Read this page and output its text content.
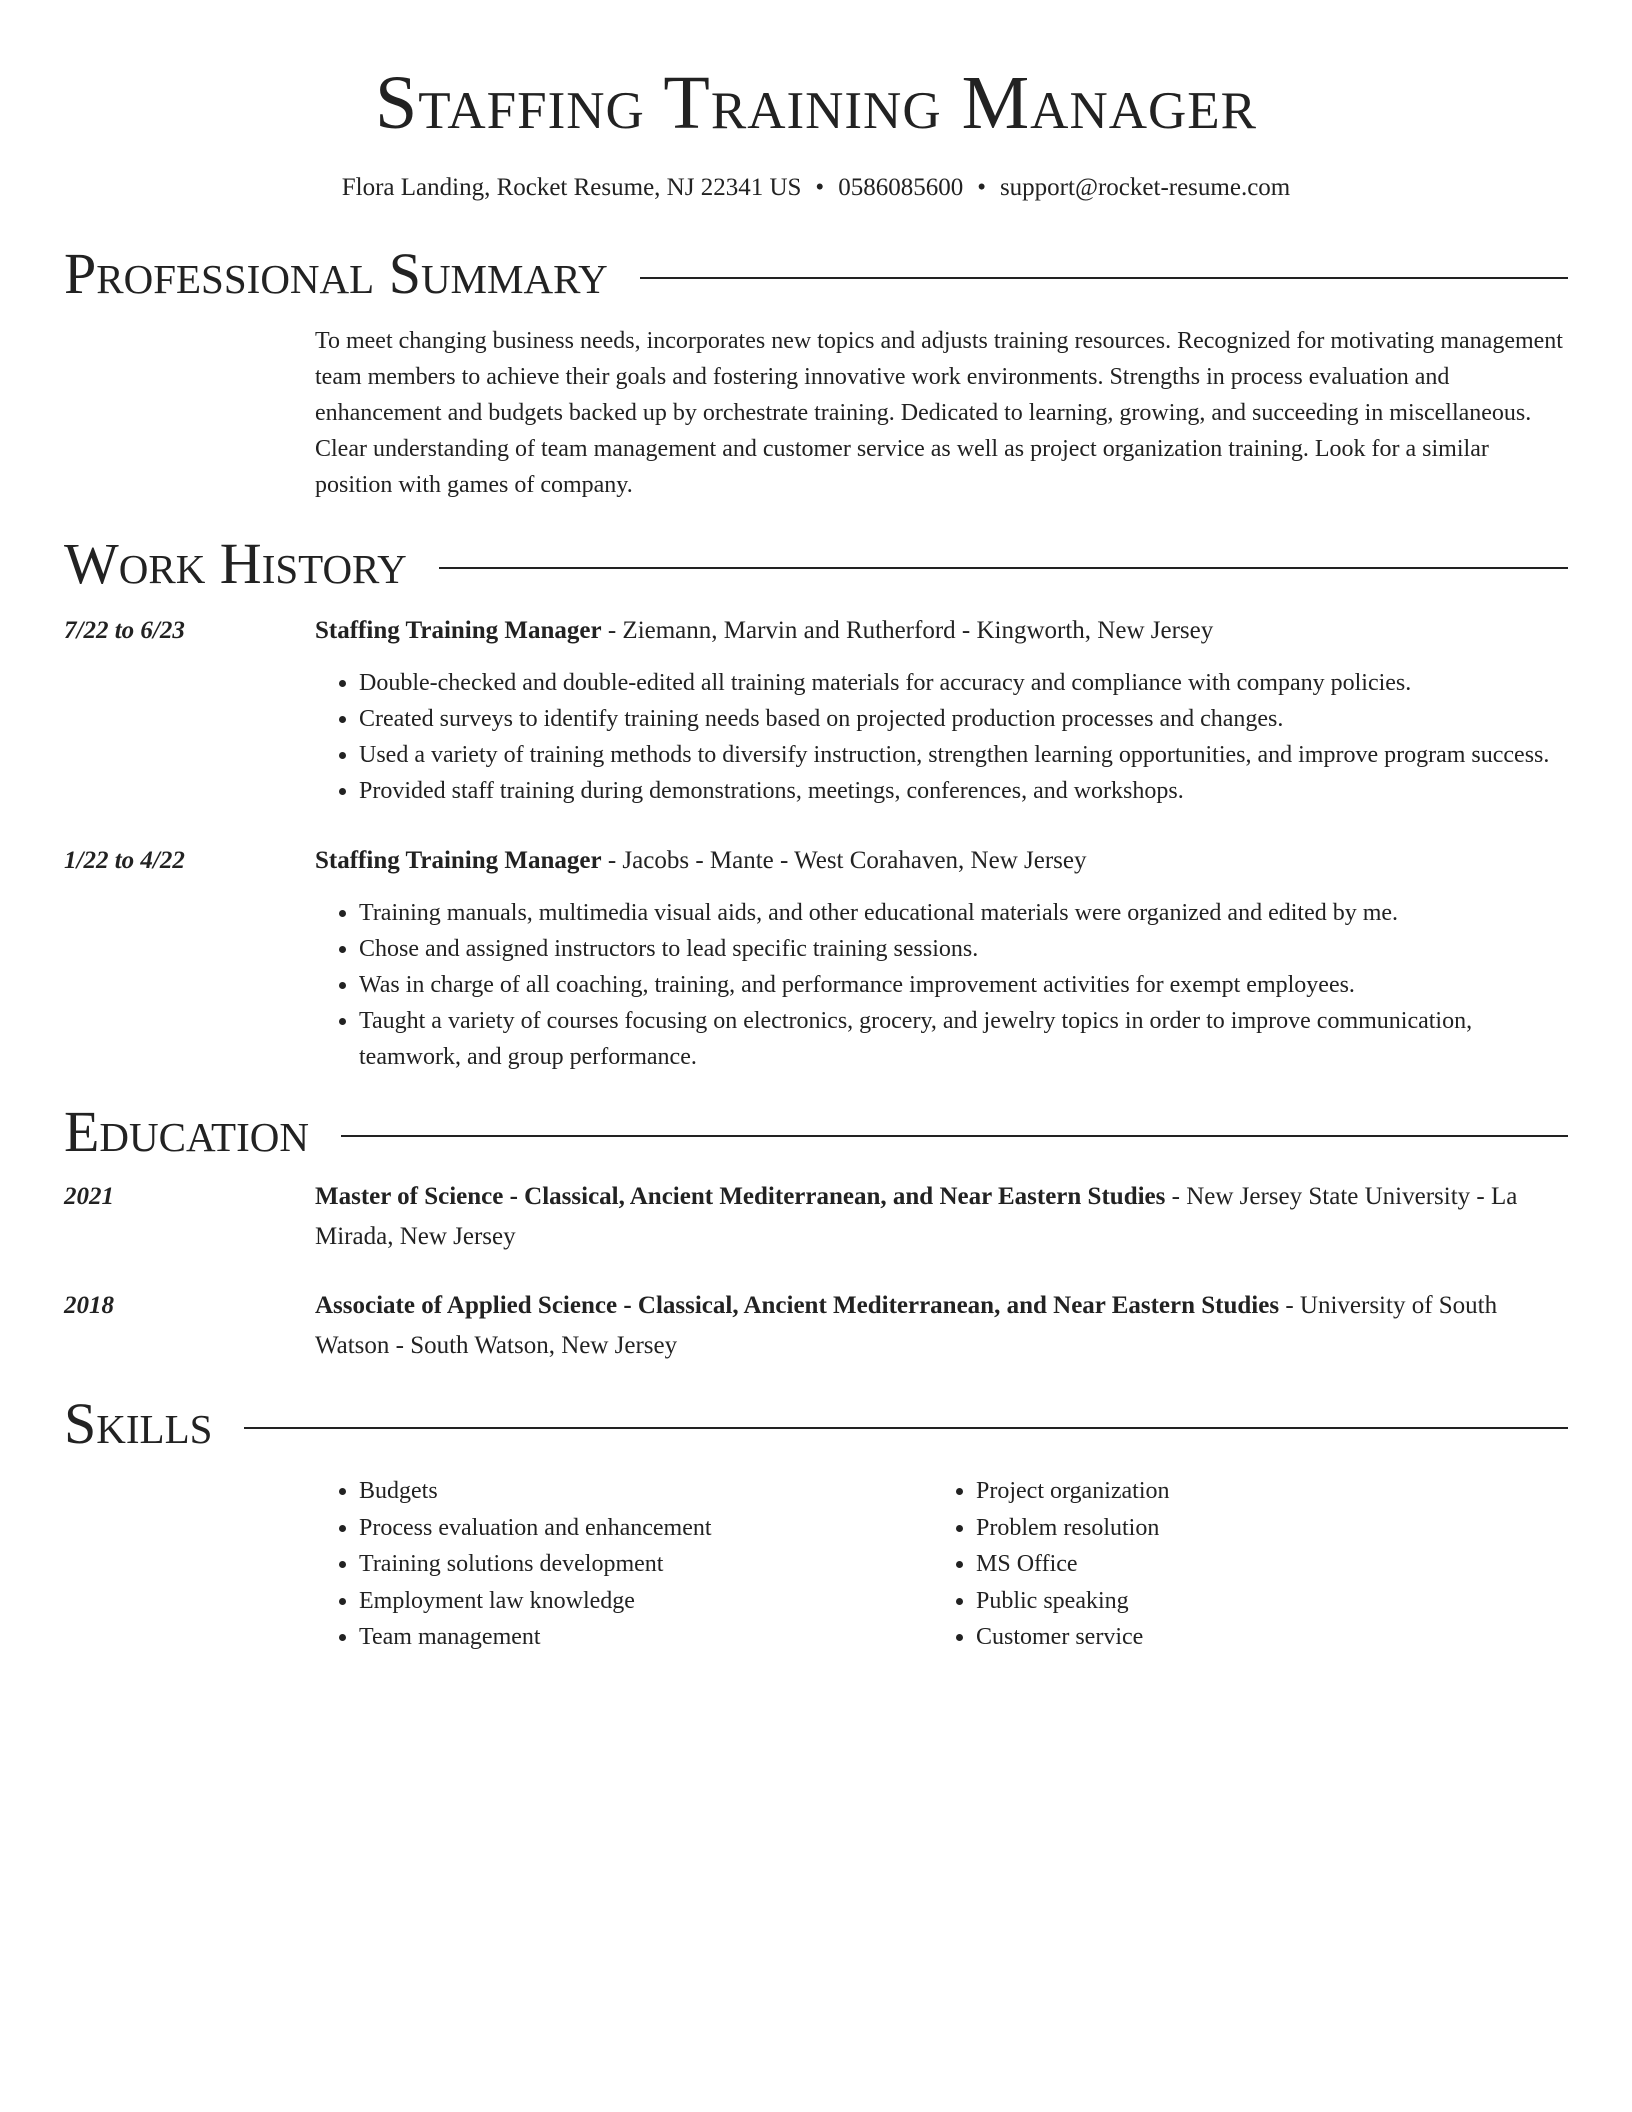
Staffing Training Manager
Flora Landing, Rocket Resume, NJ 22341 US • 0586085600 • support@rocket-resume.com
Professional Summary
To meet changing business needs, incorporates new topics and adjusts training resources. Recognized for motivating management team members to achieve their goals and fostering innovative work environments. Strengths in process evaluation and enhancement and budgets backed up by orchestrate training. Dedicated to learning, growing, and succeeding in miscellaneous. Clear understanding of team management and customer service as well as project organization training. Look for a similar position with games of company.
Work History
7/22 to 6/23	Staffing Training Manager - Ziemann, Marvin and Rutherford - Kingworth, New Jersey
• Double-checked and double-edited all training materials for accuracy and compliance with company policies.
• Created surveys to identify training needs based on projected production processes and changes.
• Used a variety of training methods to diversify instruction, strengthen learning opportunities, and improve program success.
• Provided staff training during demonstrations, meetings, conferences, and workshops.
1/22 to 4/22	Staffing Training Manager - Jacobs - Mante - West Corahaven, New Jersey
• Training manuals, multimedia visual aids, and other educational materials were organized and edited by me.
• Chose and assigned instructors to lead specific training sessions.
• Was in charge of all coaching, training, and performance improvement activities for exempt employees.
• Taught a variety of courses focusing on electronics, grocery, and jewelry topics in order to improve communication, teamwork, and group performance.
Education
2021	Master of Science - Classical, Ancient Mediterranean, and Near Eastern Studies - New Jersey State University - La Mirada, New Jersey
2018	Associate of Applied Science - Classical, Ancient Mediterranean, and Near Eastern Studies - University of South Watson - South Watson, New Jersey
Skills
• Budgets
• Process evaluation and enhancement
• Training solutions development
• Employment law knowledge
• Team management
• Project organization
• Problem resolution
• MS Office
• Public speaking
• Customer service
